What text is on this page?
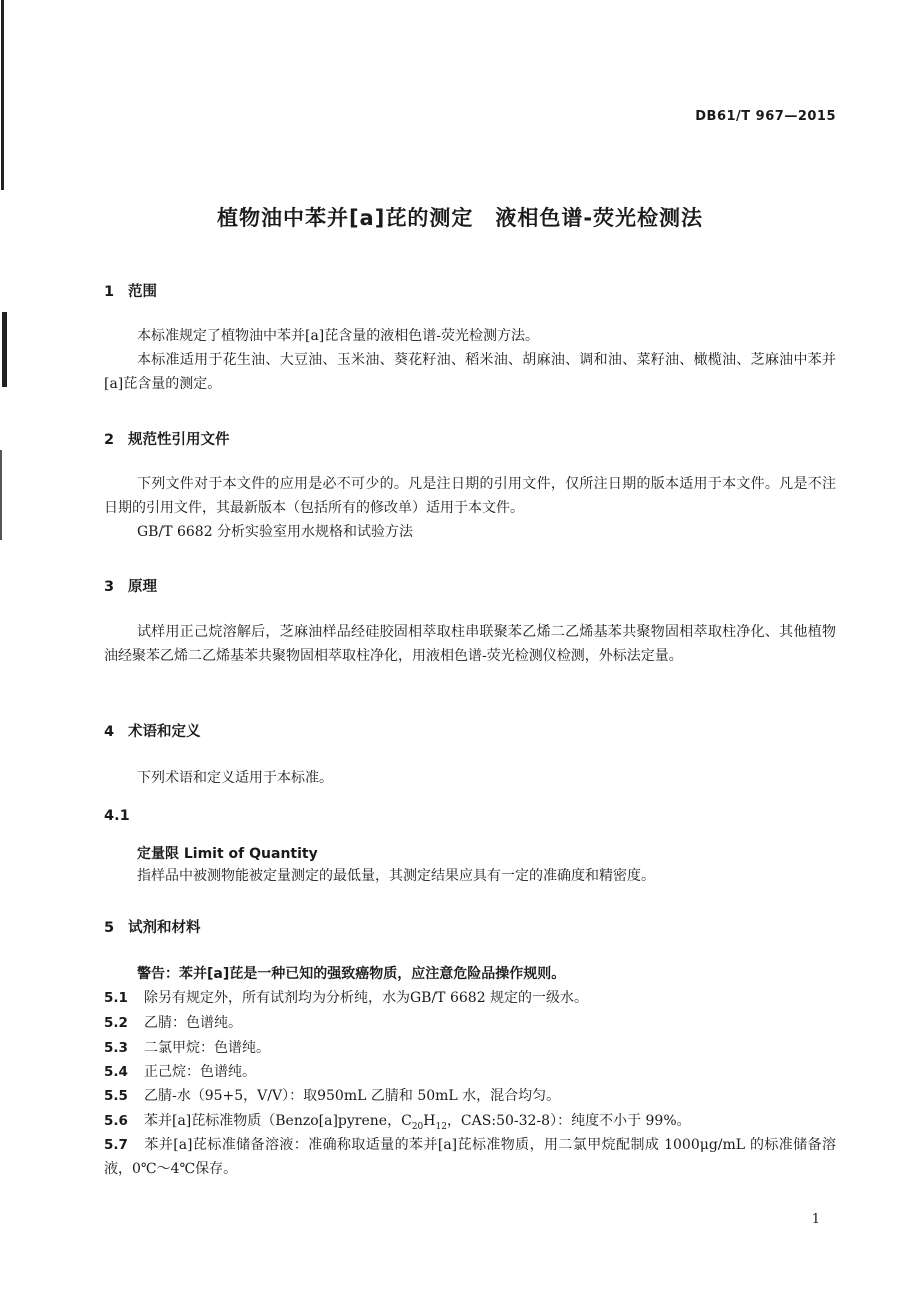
DB61/T 967—2015
植物油中苯并[a]芘的测定　液相色谱-荧光检测法
1 范围
本标准规定了植物油中苯并[a]芘含量的液相色谱-荧光检测方法。
本标准适用于花生油、大豆油、玉米油、葵花籽油、稻米油、胡麻油、调和油、菜籽油、橄榄油、芝麻油中苯并[a]芘含量的测定。
2 规范性引用文件
下列文件对于本文件的应用是必不可少的。凡是注日期的引用文件，仅所注日期的版本适用于本文件。凡是不注日期的引用文件，其最新版本（包括所有的修改单）适用于本文件。
GB/T 6682 分析实验室用水规格和试验方法
3 原理
试样用正己烷溶解后，芝麻油样品经硅胶固相萃取柱串联聚苯乙烯二乙烯基苯共聚物固相萃取柱净化、其他植物油经聚苯乙烯二乙烯基苯共聚物固相萃取柱净化，用液相色谱-荧光检测仪检测，外标法定量。
4 术语和定义
下列术语和定义适用于本标准。
4.1
定量限 Limit of Quantity
指样品中被测物能被定量测定的最低量，其测定结果应具有一定的准确度和精密度。
5 试剂和材料
警告：苯并[a]芘是一种已知的强致癌物质，应注意危险品操作规则。
5.1 除另有规定外，所有试剂均为分析纯，水为GB/T 6682 规定的一级水。
5.2 乙腈：色谱纯。
5.3 二氯甲烷：色谱纯。
5.4 正己烷：色谱纯。
5.5 乙腈-水（95+5，V/V）：取950mL 乙腈和 50mL 水，混合均匀。
5.6 苯并[a]芘标准物质（Benzo[a]pyrene，$C_{20}H_{12}$，CAS:50-32-8）：纯度不小于 99%。
5.7 苯并[a]芘标准储备溶液：准确称取适量的苯并[a]芘标准物质，用二氯甲烷配制成 1000μg/mL 的标准储备溶液，0℃～4℃保存。
1
